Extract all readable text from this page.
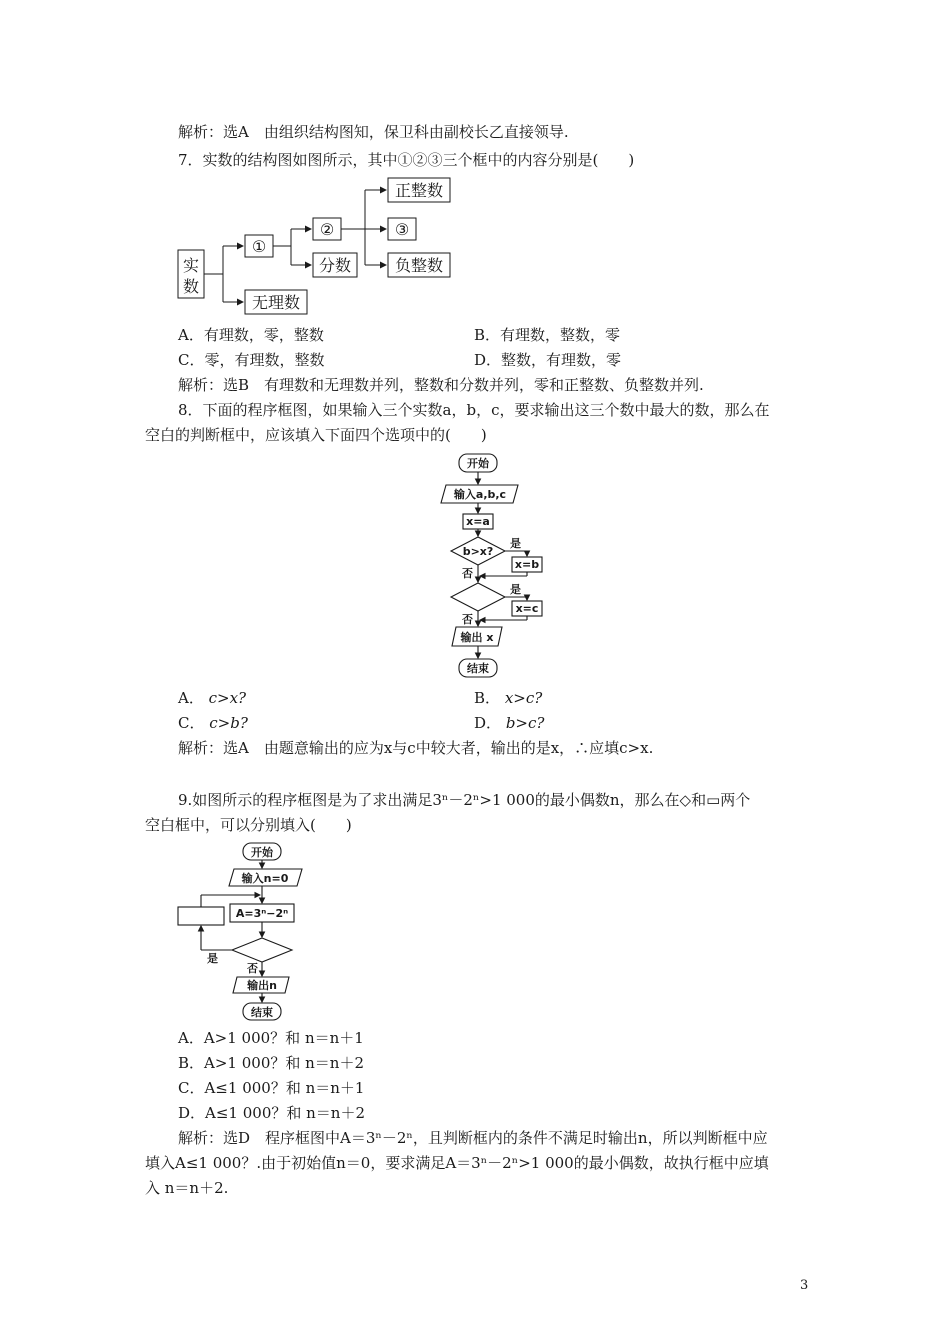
解析：选A　由组织结构图知，保卫科由副校长乙直接领导.
7．实数的结构图如图所示，其中①②③三个框中的内容分别是(　　)
实
数
①
无理数
②
分数
③
正整数
负整数
A．有理数，零，整数	B．有理数，整数，零
C．零，有理数，整数	D．整数，有理数，零
解析：选B　有理数和无理数并列，整数和分数并列，零和正整数、负整数并列.
8．下面的程序框图，如果输入三个实数a，b，c，要求输出这三个数中最大的数，那么在
空白的判断框中，应该填入下面四个选项中的(　　)
开始
输入a,b,c
x=a
b>x?
是
x=b
否
是
x=c
否
输出 x
结束
A． c>x?	B． x>c?
C． c>b?	D． b>c?
解析：选A　由题意输出的应为x与c中较大者，输出的是x，∴应填c>x.
9.如图所示的程序框图是为了求出满足3ⁿ－2ⁿ>1 000的最小偶数n，那么在◇和▭两个
空白框中，可以分别填入(　　)
开始
输入n=0
A=3ⁿ−2ⁿ
是
否
输出n
结束
A．A>1 000？和 n＝n＋1
B．A>1 000？和 n＝n＋2
C．A≤1 000？和 n＝n＋1
D．A≤1 000？和 n＝n＋2
解析：选D　程序框图中A＝3ⁿ－2ⁿ，且判断框内的条件不满足时输出n，所以判断框中应
填入A≤1 000？.由于初始值n＝0，要求满足A＝3ⁿ－2ⁿ>1 000的最小偶数，故执行框中应填
入 n＝n＋2.
3
